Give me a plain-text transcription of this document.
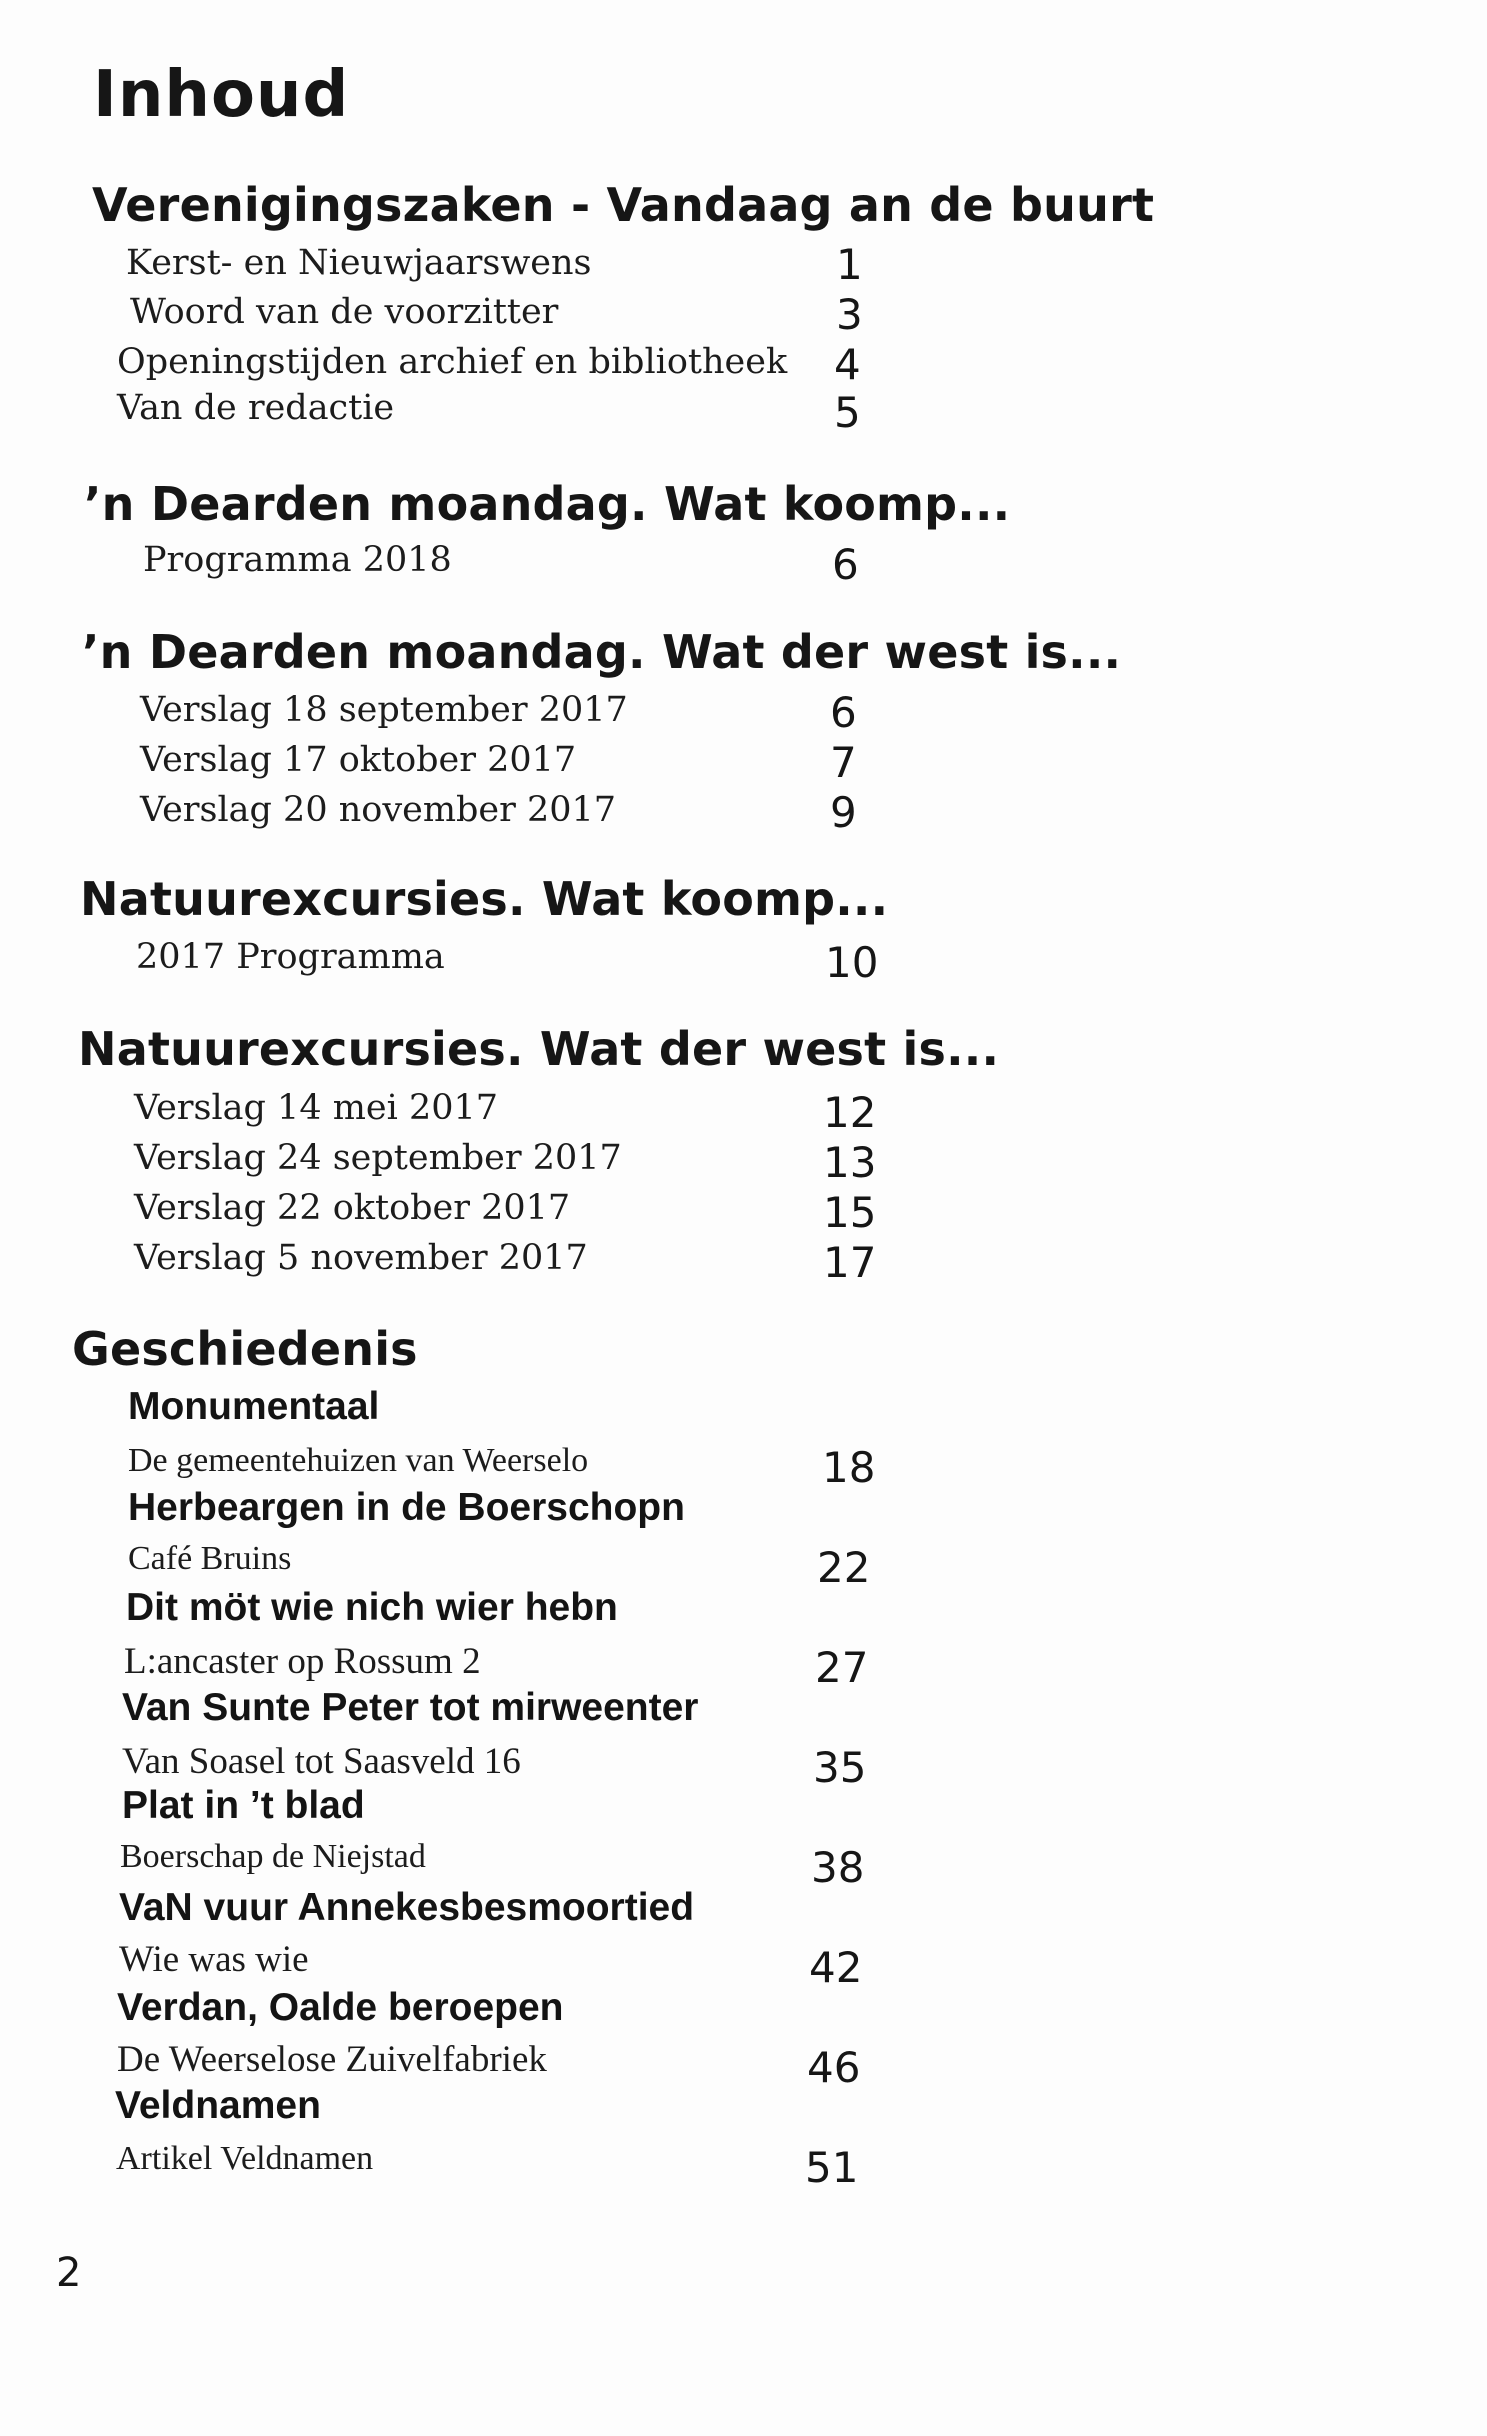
Inhoud
Verenigingszaken - Vandaag an de buurt
Kerst- en Nieuwjaarswens	1
Woord van de voorzitter	3
Openingstijden archief en bibliotheek 4
Van de redactie	5
’n Dearden moandag. Wat koomp...
Programma 2018	6
’n Dearden moandag. Wat der west is...
Verslag 18 september 2017	6
Verslag 17 oktober 2017	7
Verslag 20 november 2017	9
Natuurexcursies. Wat koomp...
2017 Programma	10
Natuurexcursies. Wat der west is...
Verslag 14 mei 2017	12
Verslag 24 september 2017	13
Verslag 22 oktober 2017	15
Verslag 5 november 2017	17
Geschiedenis
Monumentaal
De gemeentehuizen van Weerselo	18
Herbeargen in de Boerschopn
Café Bruins	22
Dit möt wie nich wier hebn
L:ancaster op Rossum 2	27
Van Sunte Peter tot mirweenter
Van Soasel tot Saasveld 16	35
Plat in ’t blad
Boerschap de Niejstad	38
VaN vuur Annekesbesmoortied
Wie was wie	42
Verdan, Oalde beroepen
De Weerselose Zuivelfabriek	46
Veldnamen
Artikel Veldnamen	51
2
